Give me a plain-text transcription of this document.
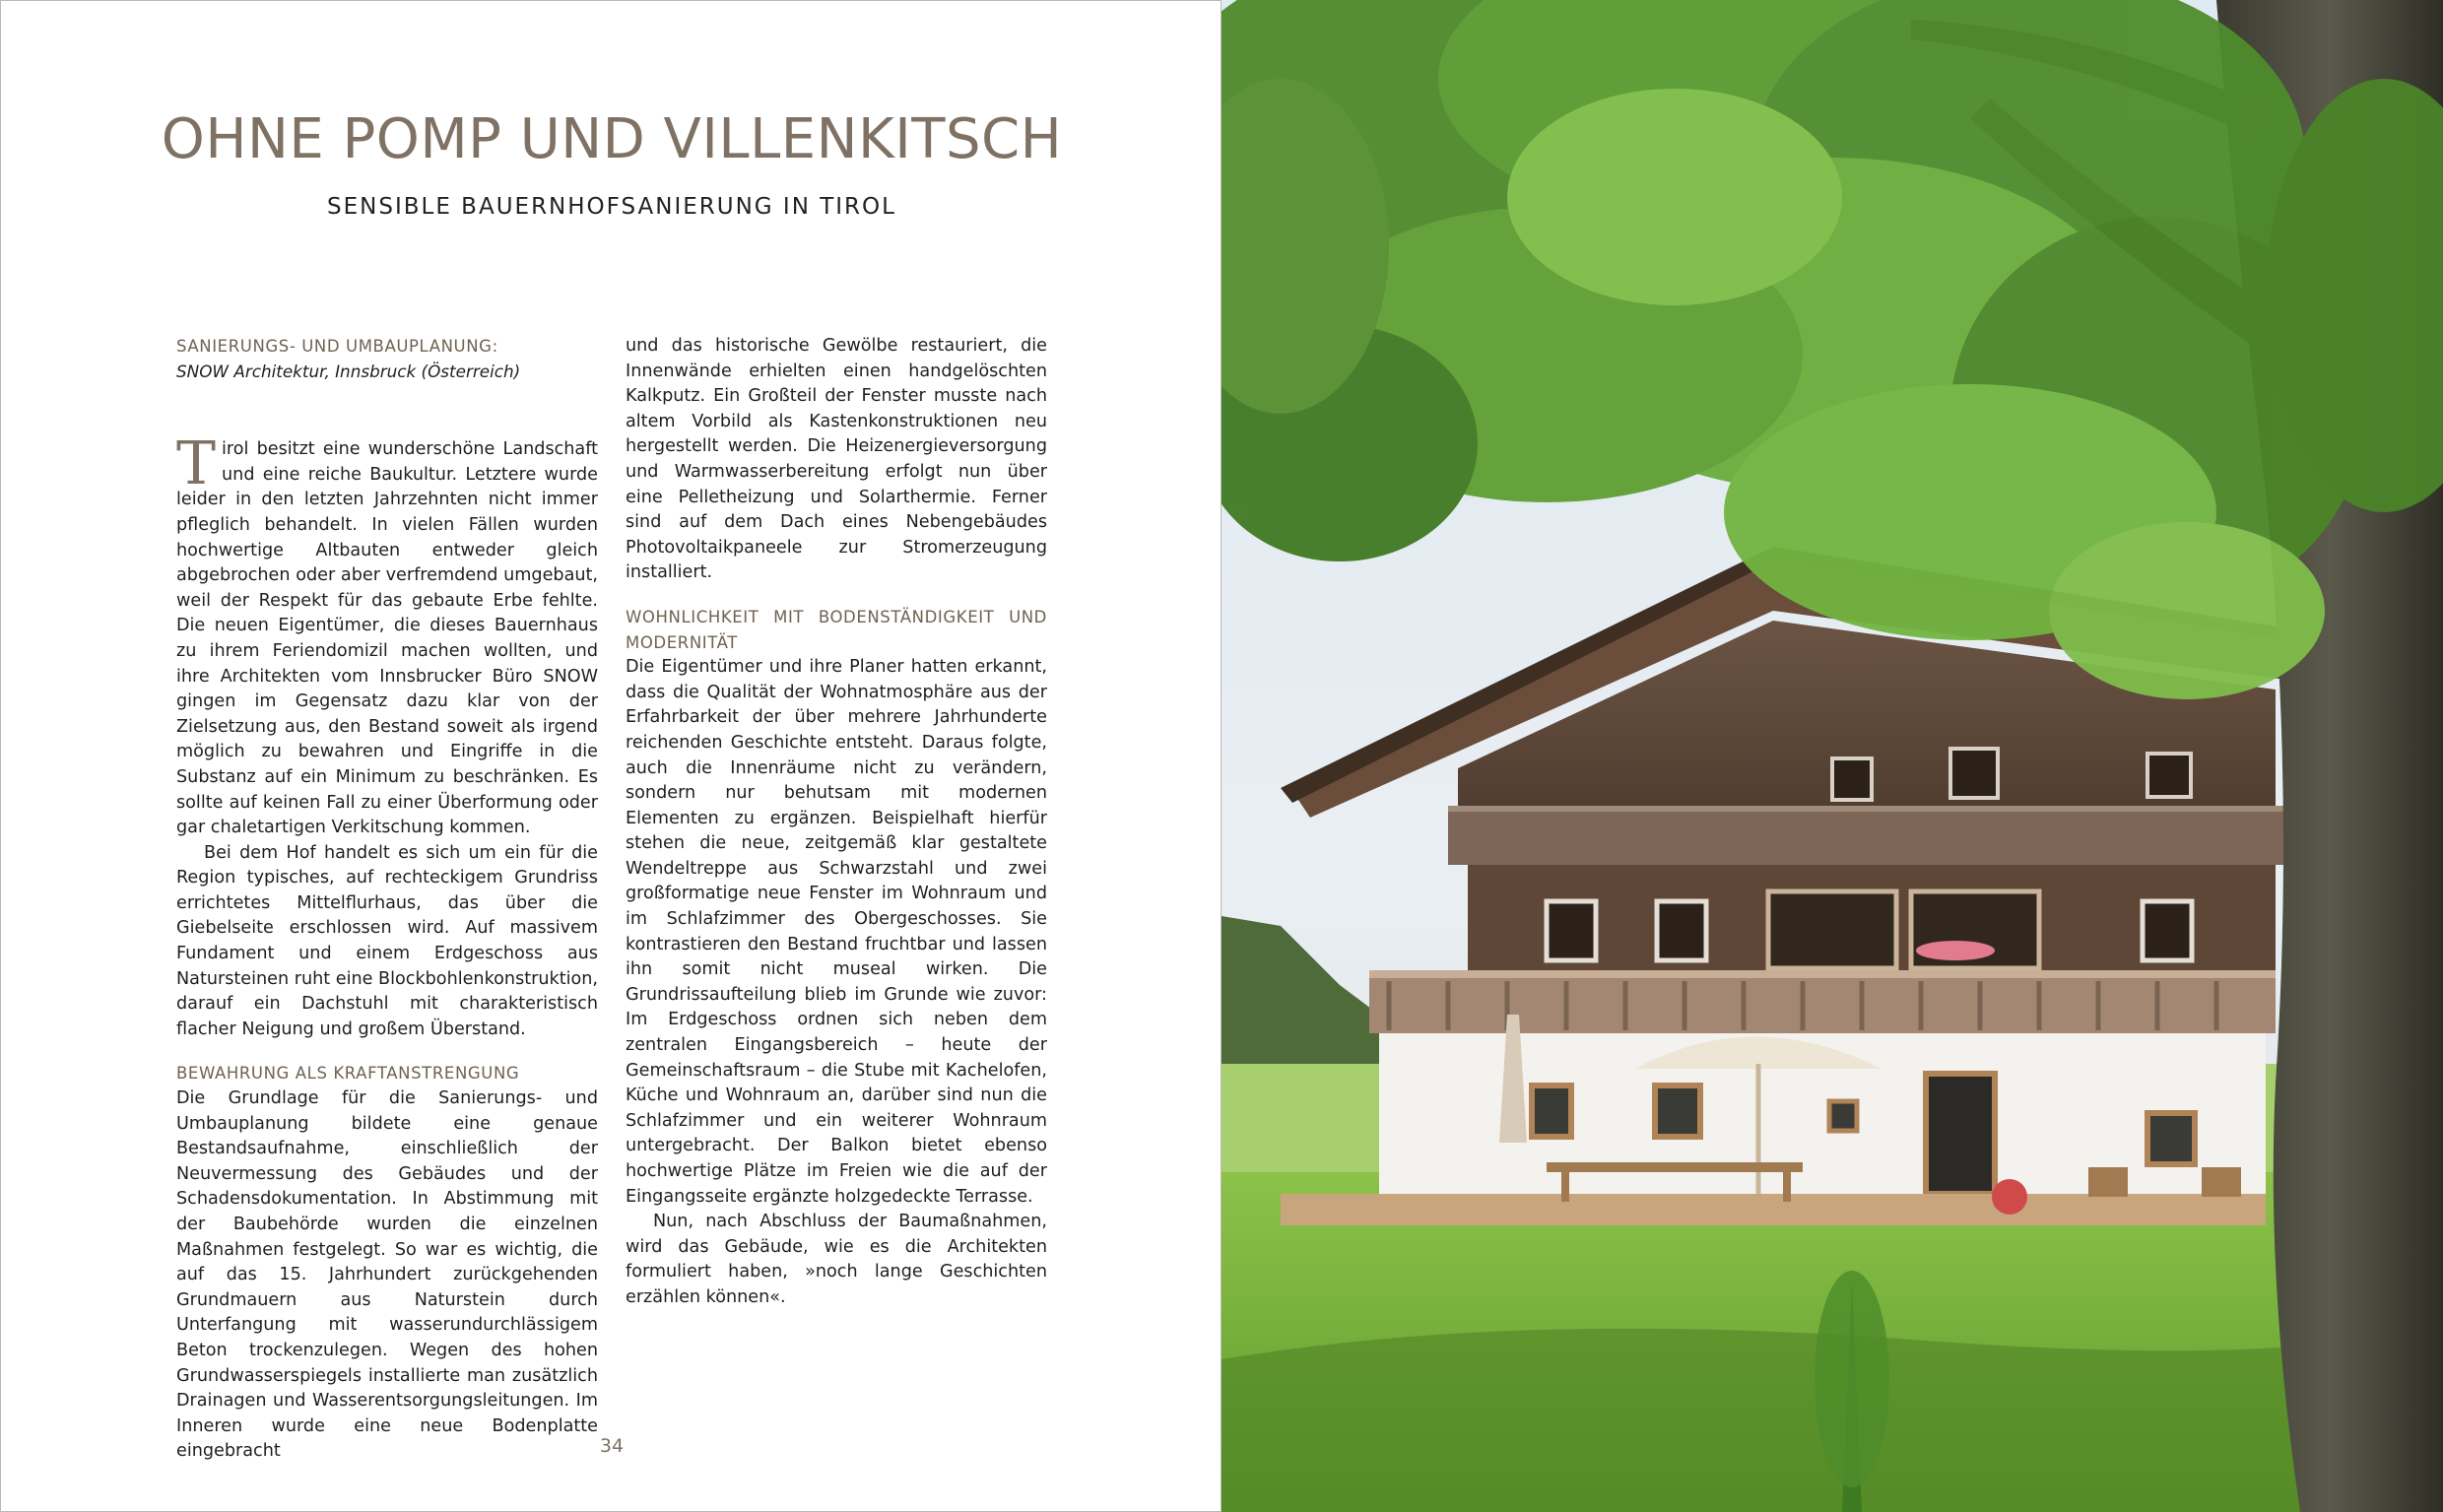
OHNE POMP UND VILLENKITSCH
SENSIBLE BAUERNHOFSANIERUNG IN TIROL

SANIERUNGS- UND UMBAUPLANUNG:

SNOW Architektur, Innsbruck (Österreich)

Tirol besitzt eine wunderschöne Landschaft und eine reiche Baukultur. Letztere wurde leider in den letzten Jahrzehnten nicht immer pfleglich behandelt. In vielen Fällen wurden hochwertige Altbauten entweder gleich abgebrochen oder aber verfremdend umgebaut, weil der Respekt für das gebaute Erbe fehlte. Die neuen Eigentümer, die dieses Bauernhaus zu ihrem Feriendomizil machen wollten, und ihre Architekten vom Innsbrucker Büro SNOW gingen im Gegensatz dazu klar von der Zielsetzung aus, den Bestand soweit als irgend möglich zu bewahren und Eingriffe in die Substanz auf ein Minimum zu beschränken. Es sollte auf keinen Fall zu einer Überformung oder gar chaletartigen Verkitschung kommen.

Bei dem Hof handelt es sich um ein für die Region typisches, auf rechteckigem Grundriss errichtetes Mittelflurhaus, das über die Giebelseite erschlossen wird. Auf massivem Fundament und einem Erdgeschoss aus Natursteinen ruht eine Blockbohlenkonstruktion, darauf ein Dachstuhl mit charakteristisch flacher Neigung und großem Überstand.

BEWAHRUNG ALS KRAFTANSTRENGUNG

Die Grundlage für die Sanierungs- und Umbauplanung bildete eine genaue Bestandsaufnahme, einschließlich der Neuvermessung des Gebäudes und der Schadensdokumentation. In Abstimmung mit der Baubehörde wurden die einzelnen Maßnahmen festgelegt. So war es wichtig, die auf das 15. Jahrhundert zurückgehenden Grundmauern aus Naturstein durch Unterfangung mit wasserundurchlässigem Beton trockenzulegen. Wegen des hohen Grundwasserspiegels installierte man zusätzlich Drainagen und Wasserentsorgungsleitungen. Im Inneren wurde eine neue Bodenplatte eingebracht

und das historische Gewölbe restauriert, die Innenwände erhielten einen handgelöschten Kalkputz. Ein Großteil der Fenster musste nach altem Vorbild als Kastenkonstruktionen neu hergestellt werden. Die Heizenergieversorgung und Warmwasserbereitung erfolgt nun über eine Pelletheizung und Solarthermie. Ferner sind auf dem Dach eines Nebengebäudes Photovoltaikpaneele zur Stromerzeugung installiert.

WOHNLICHKEIT MIT BODENSTÄNDIGKEIT UND MODERNITÄT

Die Eigentümer und ihre Planer hatten erkannt, dass die Qualität der Wohnatmosphäre aus der Erfahrbarkeit der über mehrere Jahrhunderte reichenden Geschichte entsteht. Daraus folgte, auch die Innenräume nicht zu verändern, sondern nur behutsam mit modernen Elementen zu ergänzen. Beispielhaft hierfür stehen die neue, zeitgemäß klar gestaltete Wendeltreppe aus Schwarzstahl und zwei großformatige neue Fenster im Wohnraum und im Schlafzimmer des Obergeschosses. Sie kontrastieren den Bestand fruchtbar und lassen ihn somit nicht museal wirken. Die Grundrissaufteilung blieb im Grunde wie zuvor: Im Erdgeschoss ordnen sich neben dem zentralen Eingangsbereich – heute der Gemeinschaftsraum – die Stube mit Kachelofen, Küche und Wohnraum an, darüber sind nun die Schlafzimmer und ein weiterer Wohnraum untergebracht. Der Balkon bietet ebenso hochwertige Plätze im Freien wie die auf der Eingangsseite ergänzte holzgedeckte Terrasse.

Nun, nach Abschluss der Baumaßnahmen, wird das Gebäude, wie es die Architekten formuliert haben, »noch lange Geschichten erzählen können«.

34
